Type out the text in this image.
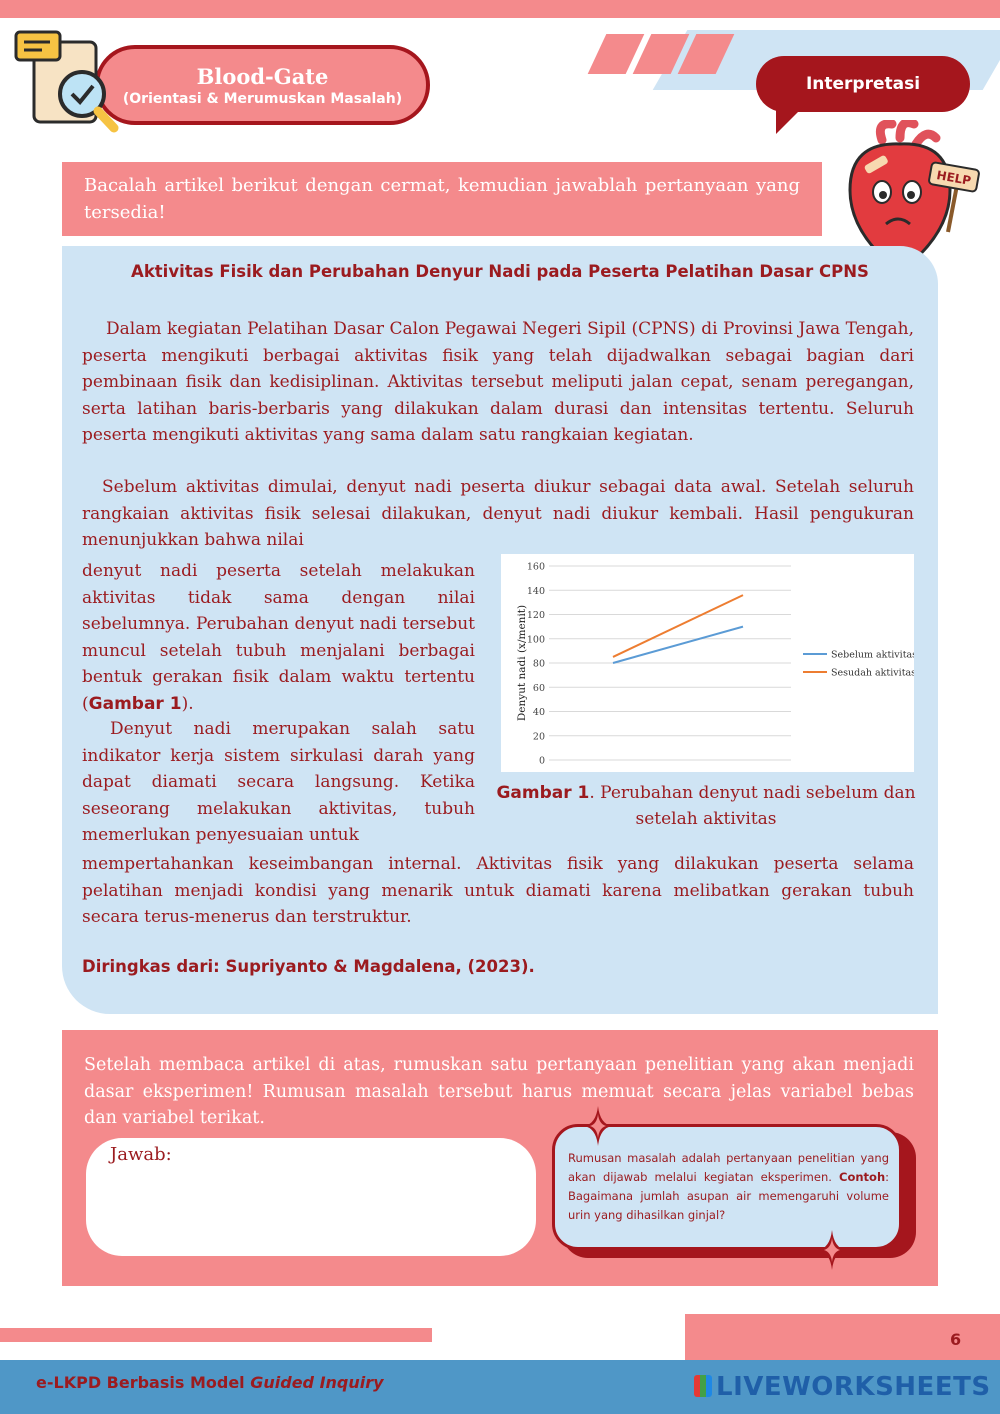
Blood-Gate
(Orientasi & Merumuskan Masalah)
Interpretasi
HELP
Bacalah artikel berikut dengan cermat, kemudian jawablah pertanyaan yang tersedia!
Aktivitas Fisik dan Perubahan Denyur Nadi pada Peserta Pelatihan Dasar CPNS

Dalam kegiatan Pelatihan Dasar Calon Pegawai Negeri Sipil (CPNS) di Provinsi Jawa Tengah, peserta mengikuti berbagai aktivitas fisik yang telah dijadwalkan sebagai bagian dari pembinaan fisik dan kedisiplinan. Aktivitas tersebut meliputi jalan cepat, senam peregangan, serta latihan baris-berbaris yang dilakukan dalam durasi dan intensitas tertentu. Seluruh peserta mengikuti aktivitas yang sama dalam satu rangkaian kegiatan.

Sebelum aktivitas dimulai, denyut nadi peserta diukur sebagai data awal. Setelah seluruh rangkaian aktivitas fisik selesai dilakukan, denyut nadi diukur kembali. Hasil pengukuran menunjukkan bahwa nilai

denyut nadi peserta setelah melakukan aktivitas tidak sama dengan nilai sebelumnya. Perubahan denyut nadi tersebut muncul setelah tubuh menjalani berbagai bentuk gerakan fisik dalam waktu tertentu (Gambar 1).

Denyut nadi merupakan salah satu indikator kerja sistem sirkulasi darah yang dapat diamati secara langsung. Ketika seseorang melakukan aktivitas, tubuh memerlukan penyesuaian untuk

mempertahankan keseimbangan internal. Aktivitas fisik yang dilakukan peserta selama pelatihan menjadi kondisi yang menarik untuk diamati karena melibatkan gerakan tubuh secara terus-menerus dan terstruktur.

Diringkas dari: Supriyanto & Magdalena, (2023).
0
20
40
60
80
100
120
140
160
Denyut nadi (x/menit)	Sebelum aktivitas
Sesudah aktivitas
Gambar 1. Perubahan denyut nadi sebelum dan setelah aktivitas

Setelah membaca artikel di atas, rumuskan satu pertanyaan penelitian yang akan menjadi dasar eksperimen! Rumusan masalah tersebut harus memuat secara jelas variabel bebas dan variabel terikat.

Jawab:	Rumusan masalah adalah pertanyaan penelitian yang akan dijawab melalui kegiatan eksperimen. Contoh: Bagaimana jumlah asupan air memengaruhi volume urin yang dihasilkan ginjal?
6
e-LKPD Berbasis Model Guided Inquiry	LIVEWORKSHEETS
